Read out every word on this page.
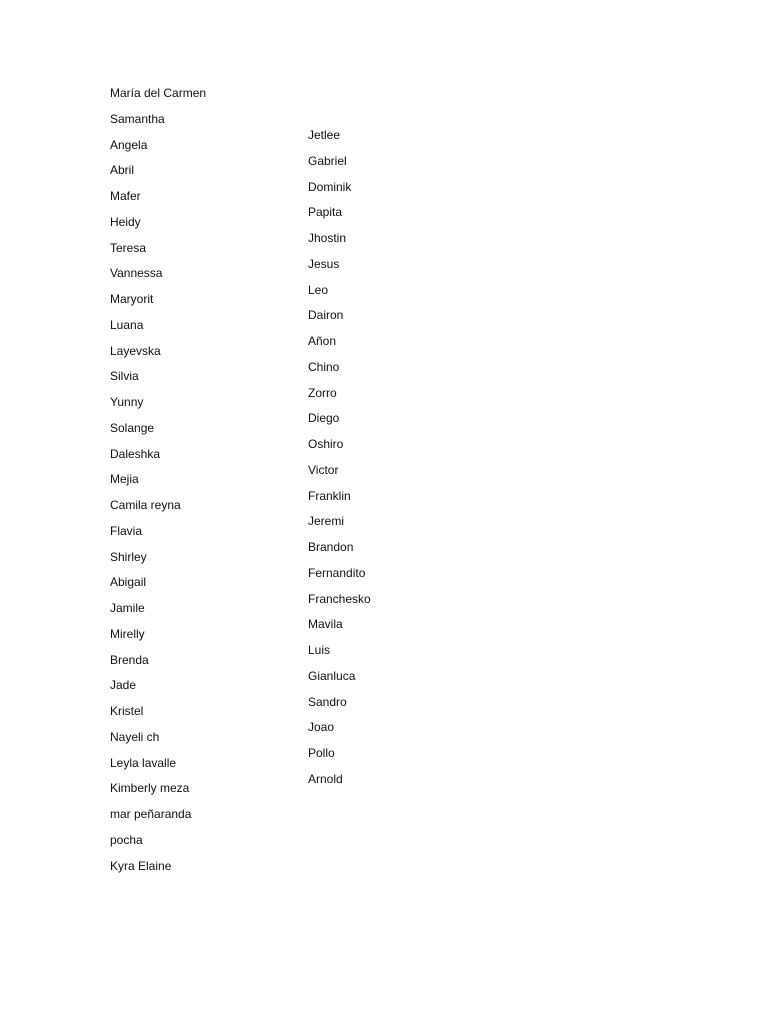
María del Carmen
Samantha
Angela
Abril
Mafer
Heidy
Teresa
Vannessa
Maryorit
Luana
Layevska
Silvia
Yunny
Solange
Daleshka
Mejia
Camila reyna
Flavia
Shirley
Abigail
Jamile
Mirelly
Brenda
Jade
Kristel
Nayeli ch
Leyla lavalle
Kimberly meza
mar peñaranda
pocha
Kyra Elaine
Jetlee
Gabriel
Dominik
Papita
Jhostin
Jesus
Leo
Dairon
Añon
Chino
Zorro
Diego
Oshiro
Victor
Franklin
Jeremi
Brandon
Fernandito
Franchesko
Mavila
Luis
Gianluca
Sandro
Joao
Pollo
Arnold
